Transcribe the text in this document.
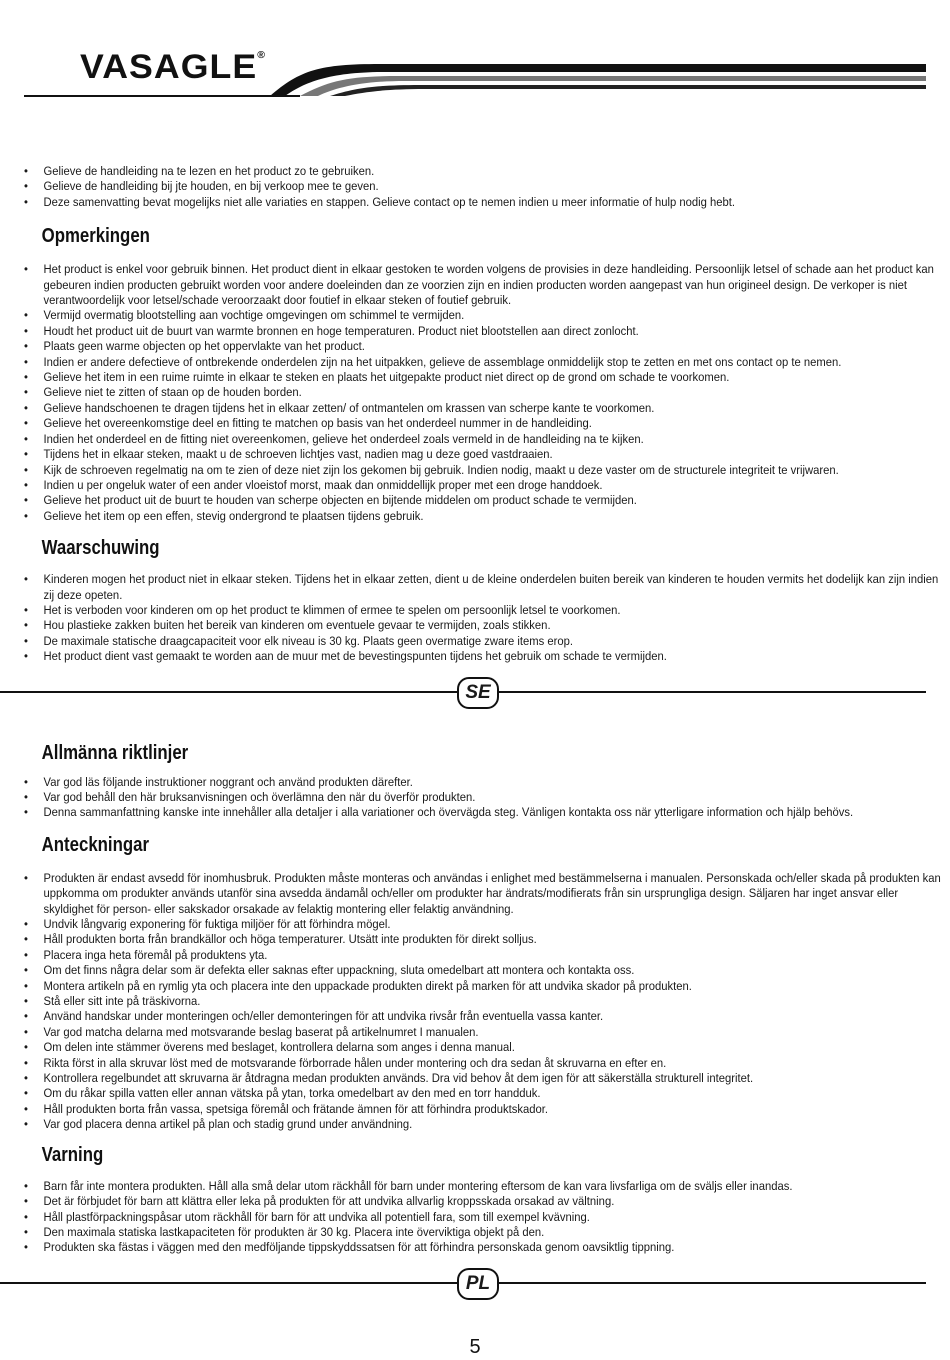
VASAGLE®
• Gelieve de handleiding na te lezen en het product zo te gebruiken.
• Gelieve de handleiding bij jte houden, en bij verkoop mee te geven.
• Deze samenvatting bevat mogelijks niet alle variaties en stappen. Gelieve contact op te nemen indien u meer informatie of hulp nodig hebt.
Opmerkingen
• Het product is enkel voor gebruik binnen. Het product dient in elkaar gestoken te worden volgens de provisies in deze handleiding. Persoonlijk letsel of schade aan het product kan gebeuren indien producten gebruikt worden voor andere doeleinden dan ze voorzien zijn en indien producten worden aangepast van hun origineel design. De verkoper is niet verantwoordelijk voor letsel/schade veroorzaakt door foutief in elkaar steken of foutief gebruik.
• Vermijd overmatig blootstelling aan vochtige omgevingen om schimmel te vermijden.
• Houdt het product uit de buurt van warmte bronnen en hoge temperaturen. Product niet blootstellen aan direct zonlocht.
• Plaats geen warme objecten op het oppervlakte van het product.
• Indien er andere defectieve of ontbrekende onderdelen zijn na het uitpakken, gelieve de assemblage onmiddelijk stop te zetten en met ons contact op te nemen.
• Gelieve het item in een ruime ruimte in elkaar te steken en plaats het uitgepakte product niet direct op de grond om schade te voorkomen.
• Gelieve niet te zitten of staan op de houden borden.
• Gelieve handschoenen te dragen tijdens het in elkaar zetten/ of ontmantelen om krassen van scherpe kante te voorkomen.
• Gelieve het overeenkomstige deel en fitting te matchen op basis van het onderdeel nummer in de handleiding.
• Indien het onderdeel en de fitting niet overeenkomen, gelieve het onderdeel zoals vermeld in de handleiding na te kijken.
• Tijdens het in elkaar steken, maakt u de schroeven lichtjes vast, nadien mag u deze goed vastdraaien.
• Kijk de schroeven regelmatig na om te zien of deze niet zijn los gekomen bij gebruik. Indien nodig, maakt u deze vaster om de structurele integriteit te vrijwaren.
• Indien u per ongeluk water of een ander vloeistof morst, maak dan onmiddellijk proper met een droge handdoek.
• Gelieve het product uit de buurt te houden van scherpe objecten en bijtende middelen om product schade te vermijden.
• Gelieve het item op een effen, stevig ondergrond te plaatsen tijdens gebruik.
Waarschuwing
• Kinderen mogen het product niet in elkaar steken. Tijdens het in elkaar zetten, dient u de kleine onderdelen buiten bereik van kinderen te houden vermits het dodelijk kan zijn indien zij deze opeten.
• Het is verboden voor kinderen om op het product te klimmen of ermee te spelen om persoonlijk letsel te voorkomen.
• Hou plastieke zakken buiten het bereik van kinderen om eventuele gevaar te vermijden, zoals stikken.
• De maximale statische draagcapaciteit voor elk niveau is 30 kg. Plaats geen overmatige zware items erop.
• Het product dient vast gemaakt te worden aan de muur met de bevestingspunten tijdens het gebruik om schade te vermijden.
SE
Allmänna riktlinjer
• Var god läs följande instruktioner noggrant och använd produkten därefter.
• Var god behåll den här bruksanvisningen och överlämna den när du överför produkten.
• Denna sammanfattning kanske inte innehåller alla detaljer i alla variationer och övervägda steg. Vänligen kontakta oss när ytterligare information och hjälp behövs.
Anteckningar
• Produkten är endast avsedd för inomhusbruk. Produkten måste monteras och användas i enlighet med bestämmelserna i manualen. Personskada och/eller skada på produkten kan uppkomma om produkter används utanför sina avsedda ändamål och/eller om produkter har ändrats/modifierats från sin ursprungliga design. Säljaren har inget ansvar eller skyldighet för person- eller sakskador orsakade av felaktig montering eller felaktig användning.
• Undvik långvarig exponering för fuktiga miljöer för att förhindra mögel.
• Håll produkten borta från brandkällor och höga temperaturer. Utsätt inte produkten för direkt solljus.
• Placera inga heta föremål på produktens yta.
• Om det finns några delar som är defekta eller saknas efter uppackning, sluta omedelbart att montera och kontakta oss.
• Montera artikeln på en rymlig yta och placera inte den uppackade produkten direkt på marken för att undvika skador på produkten.
• Stå eller sitt inte på träskivorna.
• Använd handskar under monteringen och/eller demonteringen för att undvika rivsår från eventuella vassa kanter.
• Var god matcha delarna med motsvarande beslag baserat på artikelnumret I manualen.
• Om delen inte stämmer överens med beslaget, kontrollera delarna som anges i denna manual.
• Rikta först in alla skruvar löst med de motsvarande förborrade hålen under montering och dra sedan åt skruvarna en efter en.
• Kontrollera regelbundet att skruvarna är åtdragna medan produkten används. Dra vid behov åt dem igen för att säkerställa strukturell integritet.
• Om du råkar spilla vatten eller annan vätska på ytan, torka omedelbart av den med en torr handduk.
• Håll produkten borta från vassa, spetsiga föremål och frätande ämnen för att förhindra produktskador.
• Var god placera denna artikel på plan och stadig grund under användning.
Varning
• Barn får inte montera produkten. Håll alla små delar utom räckhåll för barn under montering eftersom de kan vara livsfarliga om de sväljs eller inandas.
• Det är förbjudet för barn att klättra eller leka på produkten för att undvika allvarlig kroppsskada orsakad av vältning.
• Håll plastförpackningspåsar utom räckhåll för barn för att undvika all potentiell fara, som till exempel kvävning.
• Den maximala statiska lastkapaciteten för produkten är 30 kg. Placera inte överviktiga objekt på den.
• Produkten ska fästas i väggen med den medföljande tippskyddssatsen för att förhindra personskada genom oavsiktlig tippning.
PL
5
